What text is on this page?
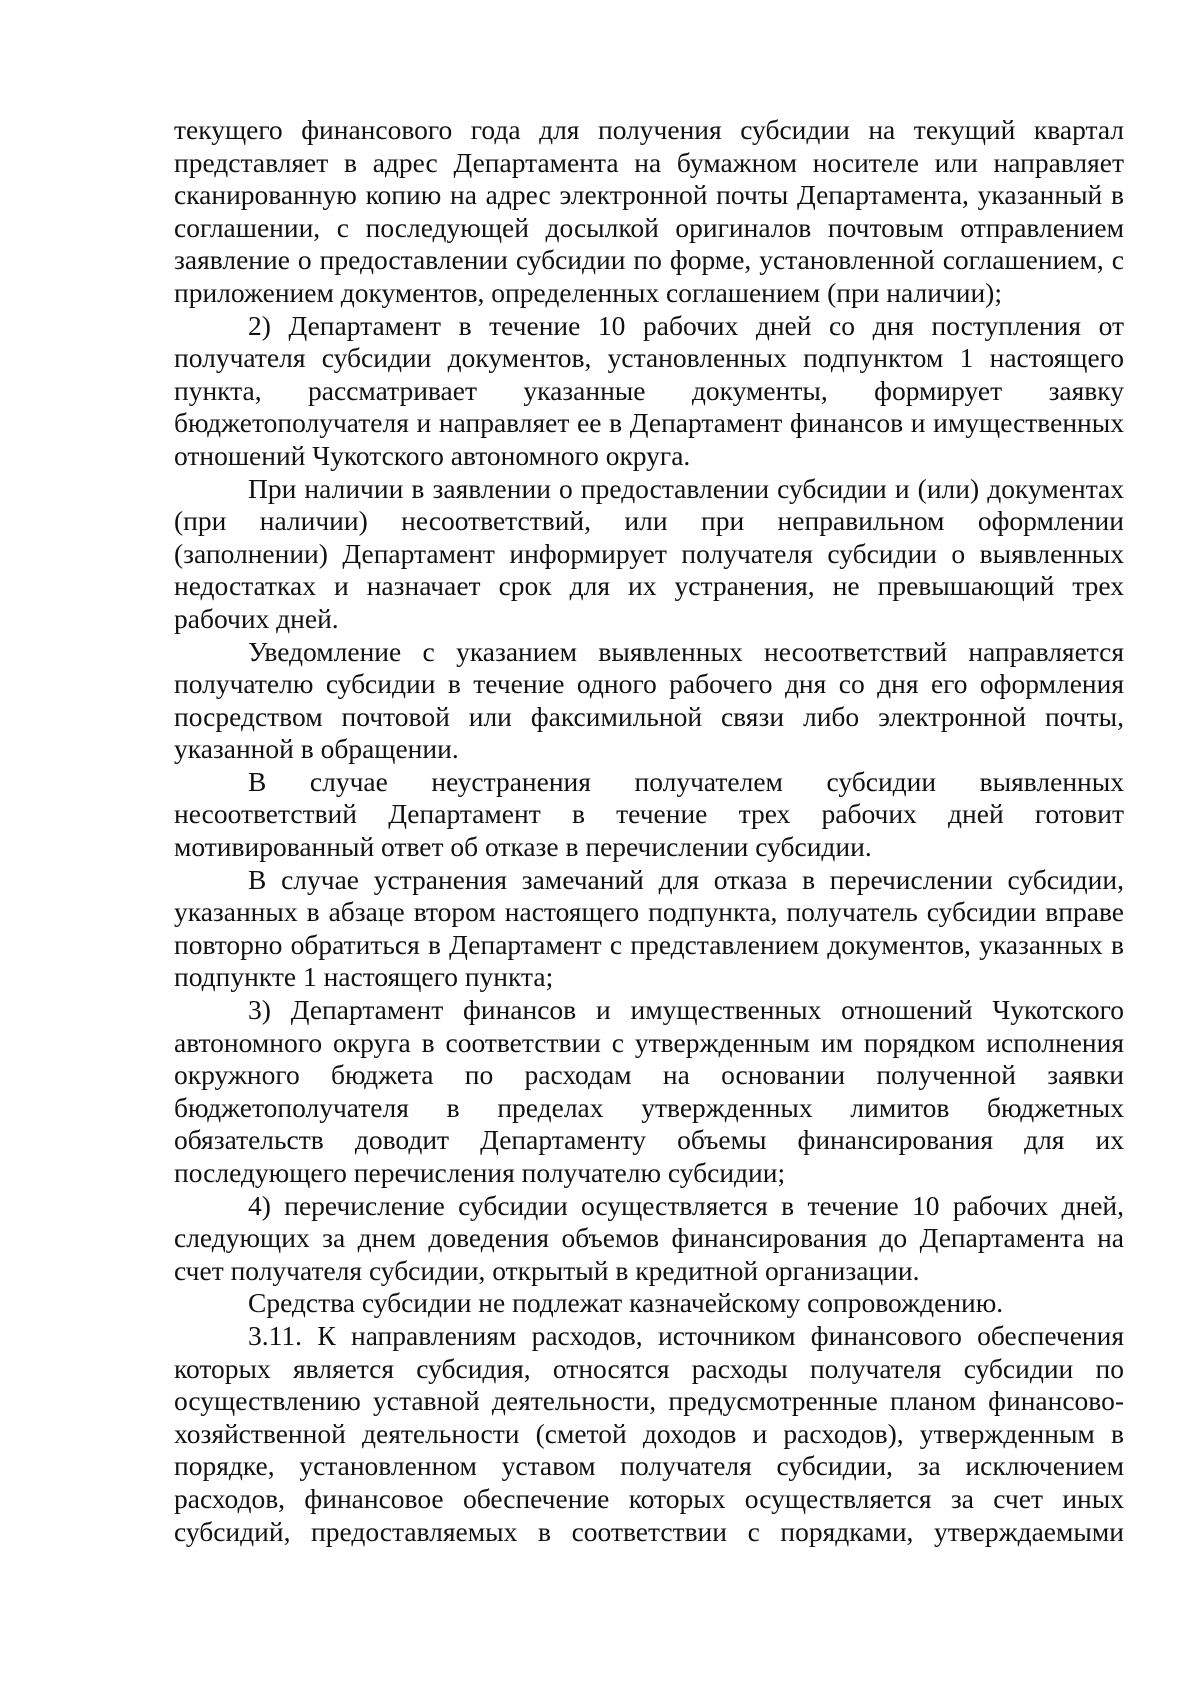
текущего финансового года для получения субсидии на текущий квартал представляет в адрес Департамента на бумажном носителе или направляет сканированную копию на адрес электронной почты Департамента, указанный в соглашении, с последующей досылкой оригиналов почтовым отправлением заявление о предоставлении субсидии по форме, установленной соглашением, с приложением документов, определенных соглашением (при наличии);

2) Департамент в течение 10 рабочих дней со дня поступления от получателя субсидии документов, установленных подпунктом 1 настоящего пункта, рассматривает указанные документы, формирует заявку бюджетополучателя и направляет ее в Департамент финансов и имущественных отношений Чукотского автономного округа.

При наличии в заявлении о предоставлении субсидии и (или) документах (при наличии) несоответствий, или при неправильном оформлении (заполнении) Департамент информирует получателя субсидии о выявленных недостатках и назначает срок для их устранения, не превышающий трех рабочих дней.

Уведомление с указанием выявленных несоответствий направляется получателю субсидии в течение одного рабочего дня со дня его оформления посредством почтовой или факсимильной связи либо электронной почты, указанной в обращении.

В случае неустранения получателем субсидии выявленных несоответствий Департамент в течение трех рабочих дней готовит мотивированный ответ об отказе в перечислении субсидии.

В случае устранения замечаний для отказа в перечислении субсидии, указанных в абзаце втором настоящего подпункта, получатель субсидии вправе повторно обратиться в Департамент с представлением документов, указанных в подпункте 1 настоящего пункта;

3) Департамент финансов и имущественных отношений Чукотского автономного округа в соответствии с утвержденным им порядком исполнения окружного бюджета по расходам на основании полученной заявки бюджетополучателя в пределах утвержденных лимитов бюджетных обязательств доводит Департаменту объемы финансирования для их последующего перечисления получателю субсидии;

4) перечисление субсидии осуществляется в течение 10 рабочих дней, следующих за днем доведения объемов финансирования до Департамента на счет получателя субсидии, открытый в кредитной организации.

Средства субсидии не подлежат казначейскому сопровождению.

3.11. К направлениям расходов, источником финансового обеспечения которых является субсидия, относятся расходы получателя субсидии по осуществлению уставной деятельности, предусмотренные планом финансово-хозяйственной деятельности (сметой доходов и расходов), утвержденным в порядке, установленном уставом получателя субсидии, за исключением расходов, финансовое обеспечение которых осуществляется за счет иных субсидий, предоставляемых в соответствии с порядками, утверждаемыми
